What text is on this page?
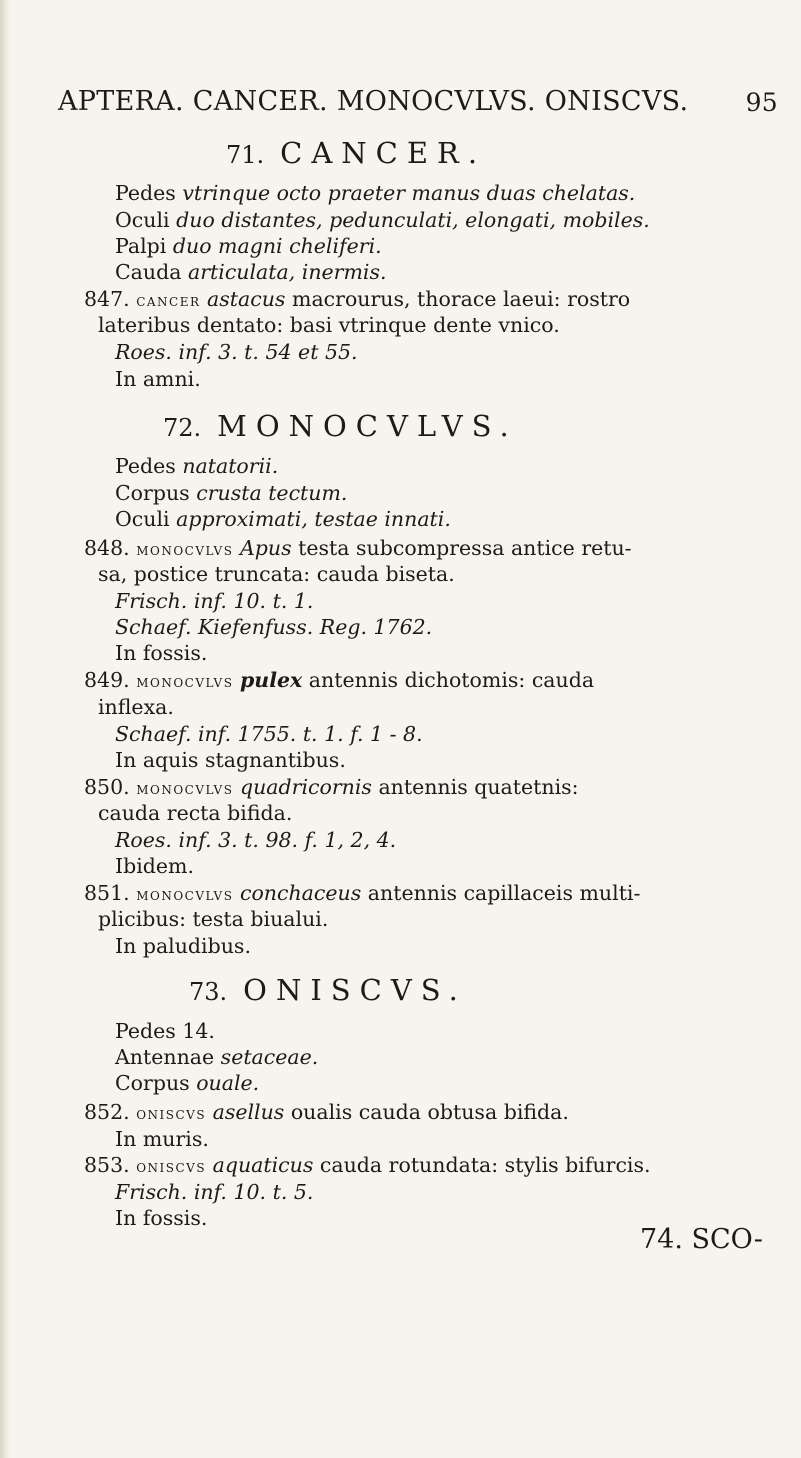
APTERA. CANCER. MONOCVLVS. ONISCVS. 95
71. CANCER.
Pedes vtrinque octo praeter manus duas chelatas.
Oculi duo distantes, pedunculati, elongati, mobiles.
Palpi duo magni cheliferi.
Cauda articulata, inermis.
847. cancer astacus macrourus, thorace laeui: rostro
lateribus dentato: basi vtrinque dente vnico.
Roes. inf. 3. t. 54 et 55.
In amni.
72. MONOCVLVS.
Pedes natatorii.
Corpus crusta tectum.
Oculi approximati, testae innati.
848. monocvlvs Apus testa subcompressa antice retu-
sa, postice truncata: cauda biseta.
Frisch. inf. 10. t. 1.
Schaef. Kiefenfuss. Reg. 1762.
In fossis.
849. monocvlvs pulex antennis dichotomis: cauda
inflexa.
Schaef. inf. 1755. t. 1. f. 1 - 8.
In aquis stagnantibus.
850. monocvlvs quadricornis antennis quatetnis:
cauda recta bifida.
Roes. inf. 3. t. 98. f. 1, 2, 4.
Ibidem.
851. monocvlvs conchaceus antennis capillaceis multi-
plicibus: testa biualui.
In paludibus.
73. ONISCVS.
Pedes 14.
Antennae setaceae.
Corpus ouale.
852. oniscvs asellus oualis cauda obtusa bifida.
In muris.
853. oniscvs aquaticus cauda rotundata: stylis bifurcis.
Frisch. inf. 10. t. 5.
In fossis.
74. SCO-
